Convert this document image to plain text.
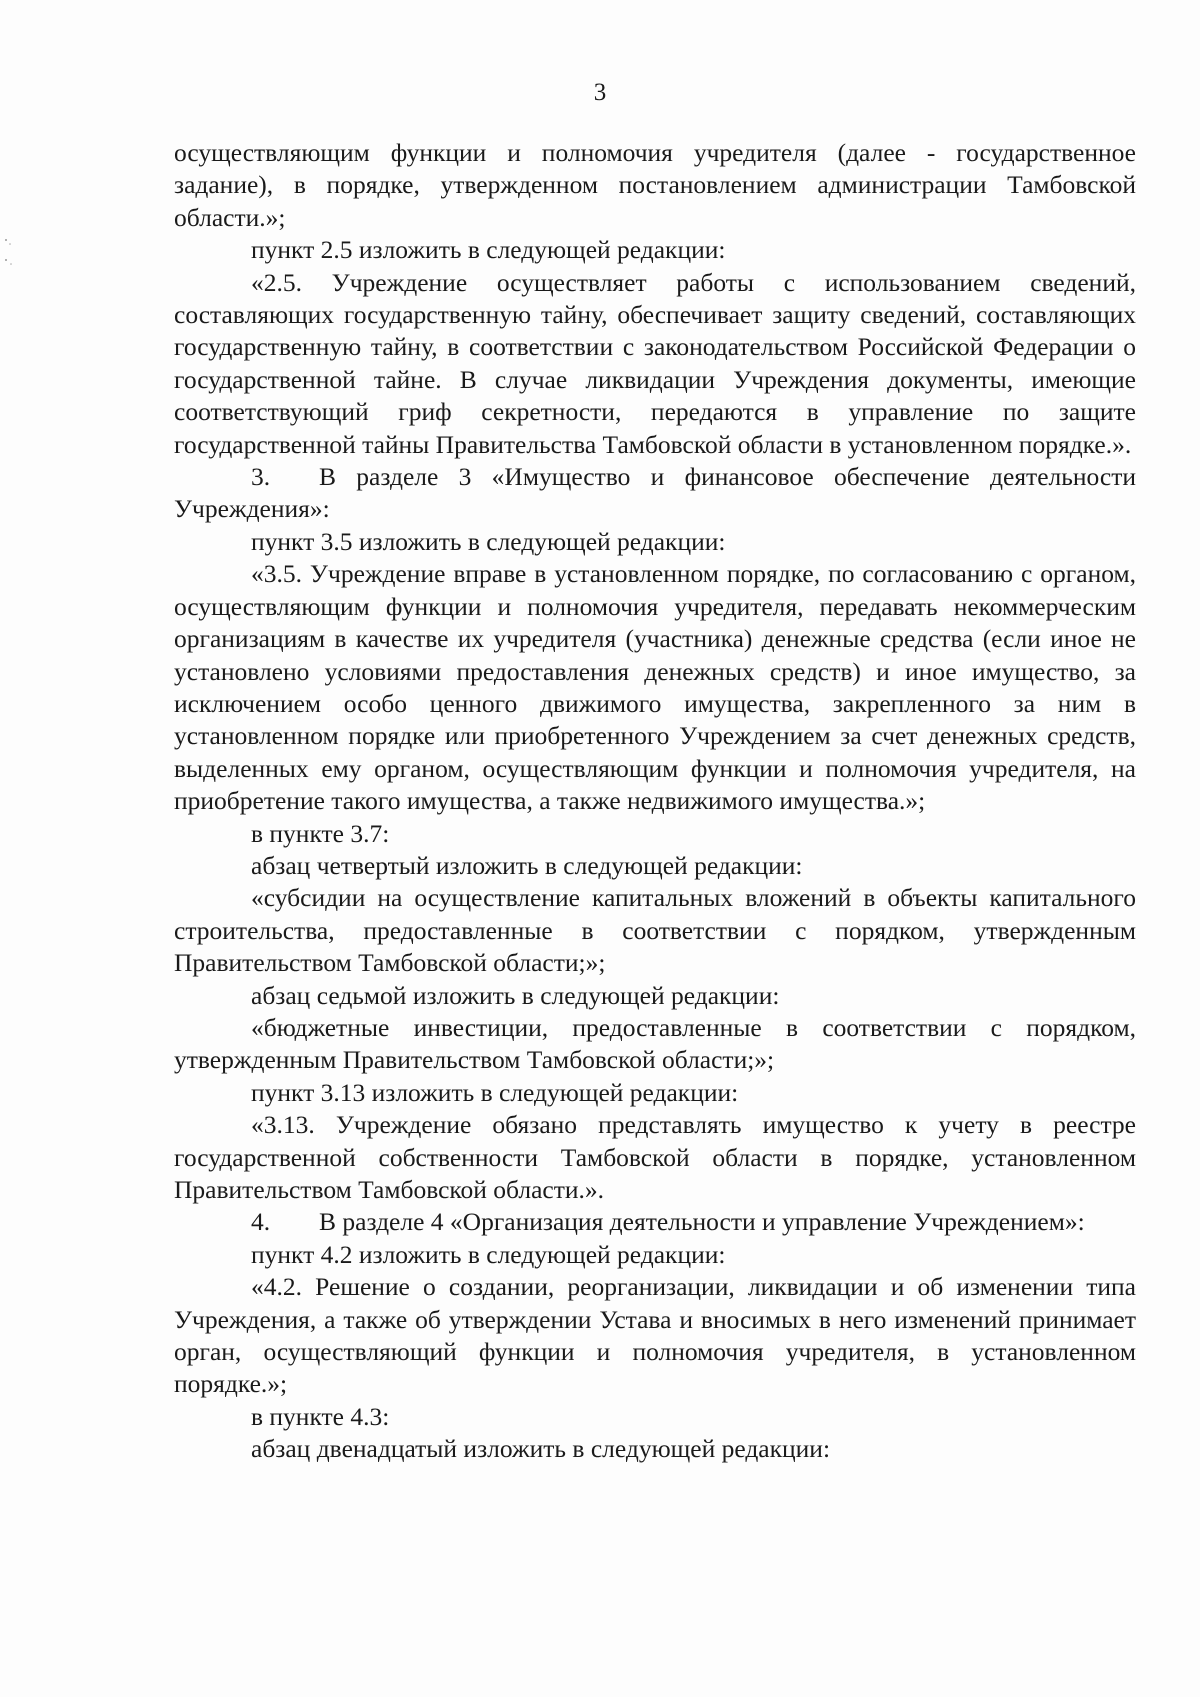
3

осуществляющим функции и полномочия учредителя (далее - государственное задание), в порядке, утвержденном постановлением администрации Тамбовской области.»;

пункт 2.5 изложить в следующей редакции:

«2.5. Учреждение осуществляет работы с использованием сведений, составляющих государственную тайну, обеспечивает защиту сведений, составляющих государственную тайну, в соответствии с законодательством Российской Федерации о государственной тайне. В случае ликвидации Учреждения документы, имеющие соответствующий гриф секретности, передаются в управление по защите государственной тайны Правительства Тамбовской области в установленном порядке.».

3. В разделе 3 «Имущество и финансовое обеспечение деятельности Учреждения»:

пункт 3.5 изложить в следующей редакции:

«3.5. Учреждение вправе в установленном порядке, по согласованию с органом, осуществляющим функции и полномочия учредителя, передавать некоммерческим организациям в качестве их учредителя (участника) денежные средства (если иное не установлено условиями предоставления денежных средств) и иное имущество, за исключением особо ценного движимого имущества, закрепленного за ним в установленном порядке или приобретенного Учреждением за счет денежных средств, выделенных ему органом, осуществляющим функции и полномочия учредителя, на приобретение такого имущества, а также недвижимого имущества.»;

в пункте 3.7:

абзац четвертый изложить в следующей редакции:

«субсидии на осуществление капитальных вложений в объекты капитального строительства, предоставленные в соответствии с порядком, утвержденным Правительством Тамбовской области;»;

абзац седьмой изложить в следующей редакции:

«бюджетные инвестиции, предоставленные в соответствии с порядком, утвержденным Правительством Тамбовской области;»;

пункт 3.13 изложить в следующей редакции:

«3.13. Учреждение обязано представлять имущество к учету в реестре государственной собственности Тамбовской области в порядке, установленном Правительством Тамбовской области.».

4. В разделе 4 «Организация деятельности и управление Учреждением»:

пункт 4.2 изложить в следующей редакции:

«4.2. Решение о создании, реорганизации, ликвидации и об изменении типа Учреждения, а также об утверждении Устава и вносимых в него изменений принимает орган, осуществляющий функции и полномочия учредителя, в установленном порядке.»;

в пункте 4.3:

абзац двенадцатый изложить в следующей редакции:
